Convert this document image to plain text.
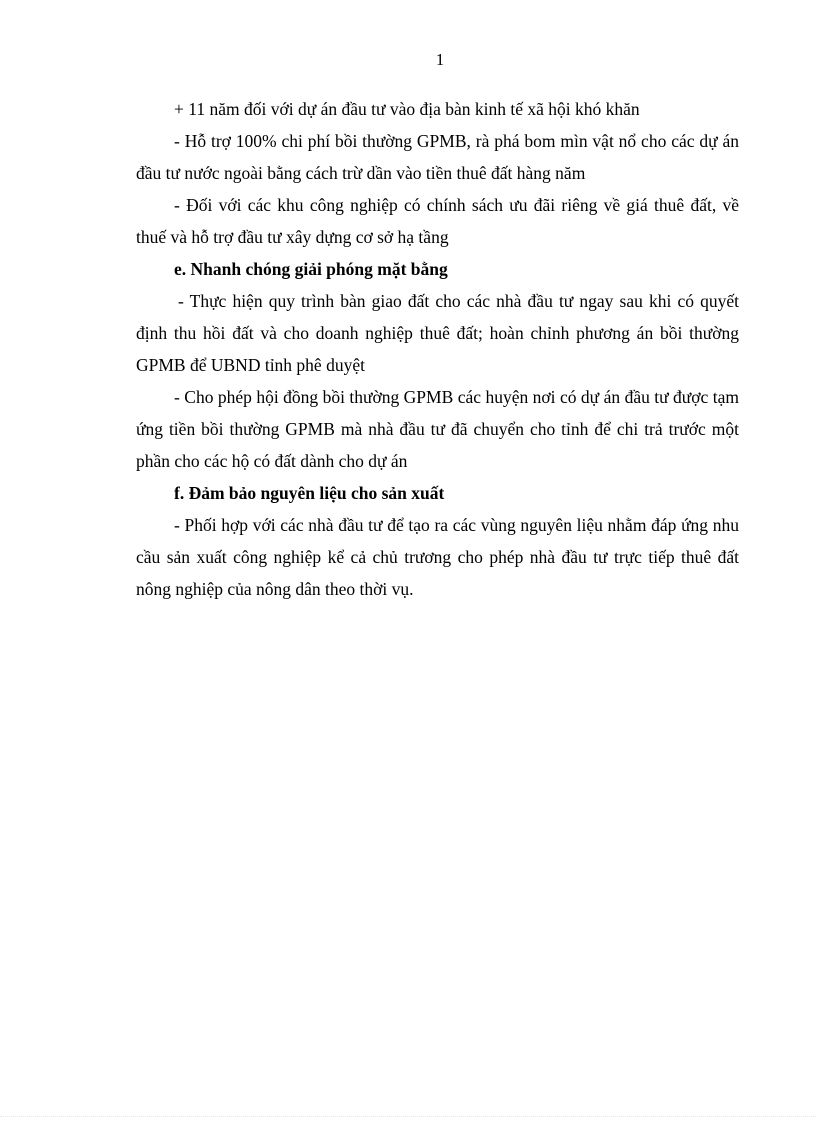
1

+ 11 năm đối với dự án đầu tư vào địa bàn kinh tế xã hội khó khăn

- Hỗ trợ 100% chi phí bồi thường GPMB, rà phá bom mìn vật nổ cho các dự án đầu tư nước ngoài bằng cách trừ dần vào tiền thuê đất hàng năm

- Đối với các khu công nghiệp có chính sách ưu đãi riêng về giá thuê đất, về thuế và hỗ trợ đầu tư xây dựng cơ sở hạ tầng

e. Nhanh chóng giải phóng mặt bằng

- Thực hiện quy trình bàn giao đất cho các nhà đầu tư ngay sau khi có quyết định thu hồi đất và cho doanh nghiệp thuê đất; hoàn chỉnh phương án bồi thường GPMB để UBND tỉnh phê duyệt

- Cho phép hội đồng bồi thường GPMB các huyện nơi có dự án đầu tư được tạm ứng tiền bồi thường GPMB mà nhà đầu tư đã chuyển cho tỉnh để chi trả trước một phần cho các hộ có đất dành cho dự án

f. Đảm bảo nguyên liệu cho sản xuất

- Phối hợp với các nhà đầu tư để tạo ra các vùng nguyên liệu nhằm đáp ứng nhu cầu sản xuất công nghiệp kể cả chủ trương cho phép nhà đầu tư trực tiếp thuê đất nông nghiệp của nông dân theo thời vụ.
